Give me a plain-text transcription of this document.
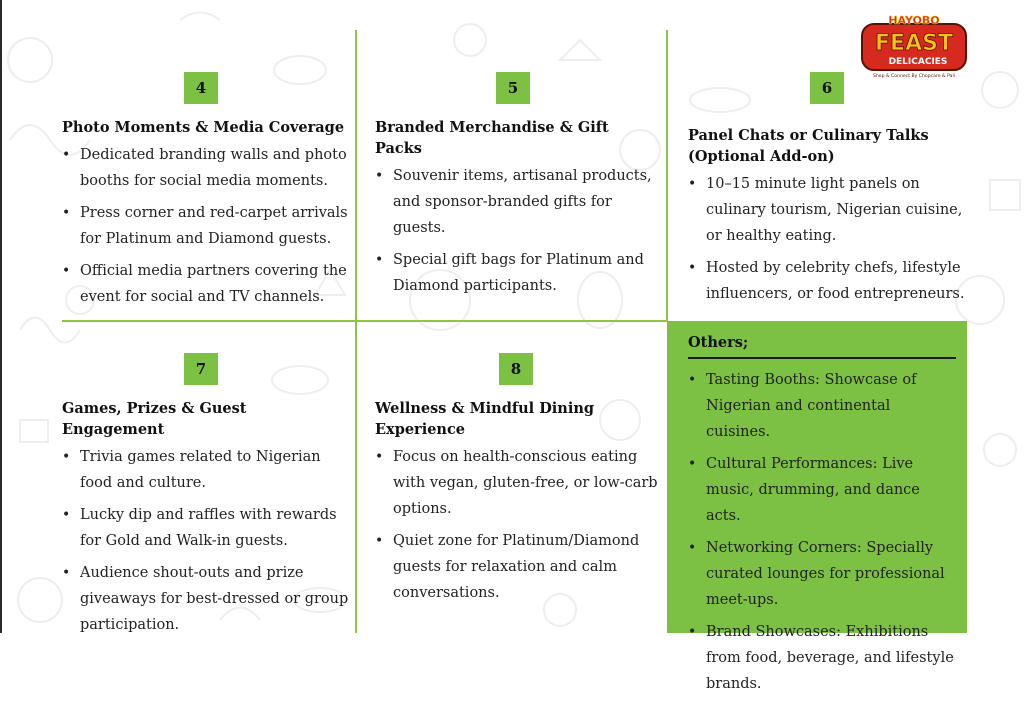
HAYOBO
FEAST
DELICACIES
Shop & Connect By Chopcare & Pali
4
Photo Moments & Media Coverage
• Dedicated branding walls and photo booths for social media moments.
• Press corner and red-carpet arrivals for Platinum and Diamond guests.
• Official media partners covering the event for social and TV channels.
5
Branded Merchandise & Gift Packs
• Souvenir items, artisanal products, and sponsor-branded gifts for guests.
• Special gift bags for Platinum and Diamond participants.
6
Panel Chats or Culinary Talks (Optional Add-on)
• 10–15 minute light panels on culinary tourism, Nigerian cuisine, or healthy eating.
• Hosted by celebrity chefs, lifestyle influencers, or food entrepreneurs.
7
Games, Prizes & Guest Engagement
• Trivia games related to Nigerian food and culture.
• Lucky dip and raffles with rewards for Gold and Walk-in guests.
• Audience shout-outs and prize giveaways for best-dressed or group participation.
8
Wellness & Mindful Dining Experience
• Focus on health-conscious eating with vegan, gluten-free, or low-carb options.
• Quiet zone for Platinum/Diamond guests for relaxation and calm conversations.
Others;
• Tasting Booths: Showcase of Nigerian and continental cuisines.
• Cultural Performances: Live music, drumming, and dance acts.
• Networking Corners: Specially curated lounges for professional meet-ups.
• Brand Showcases: Exhibitions from food, beverage, and lifestyle brands.
